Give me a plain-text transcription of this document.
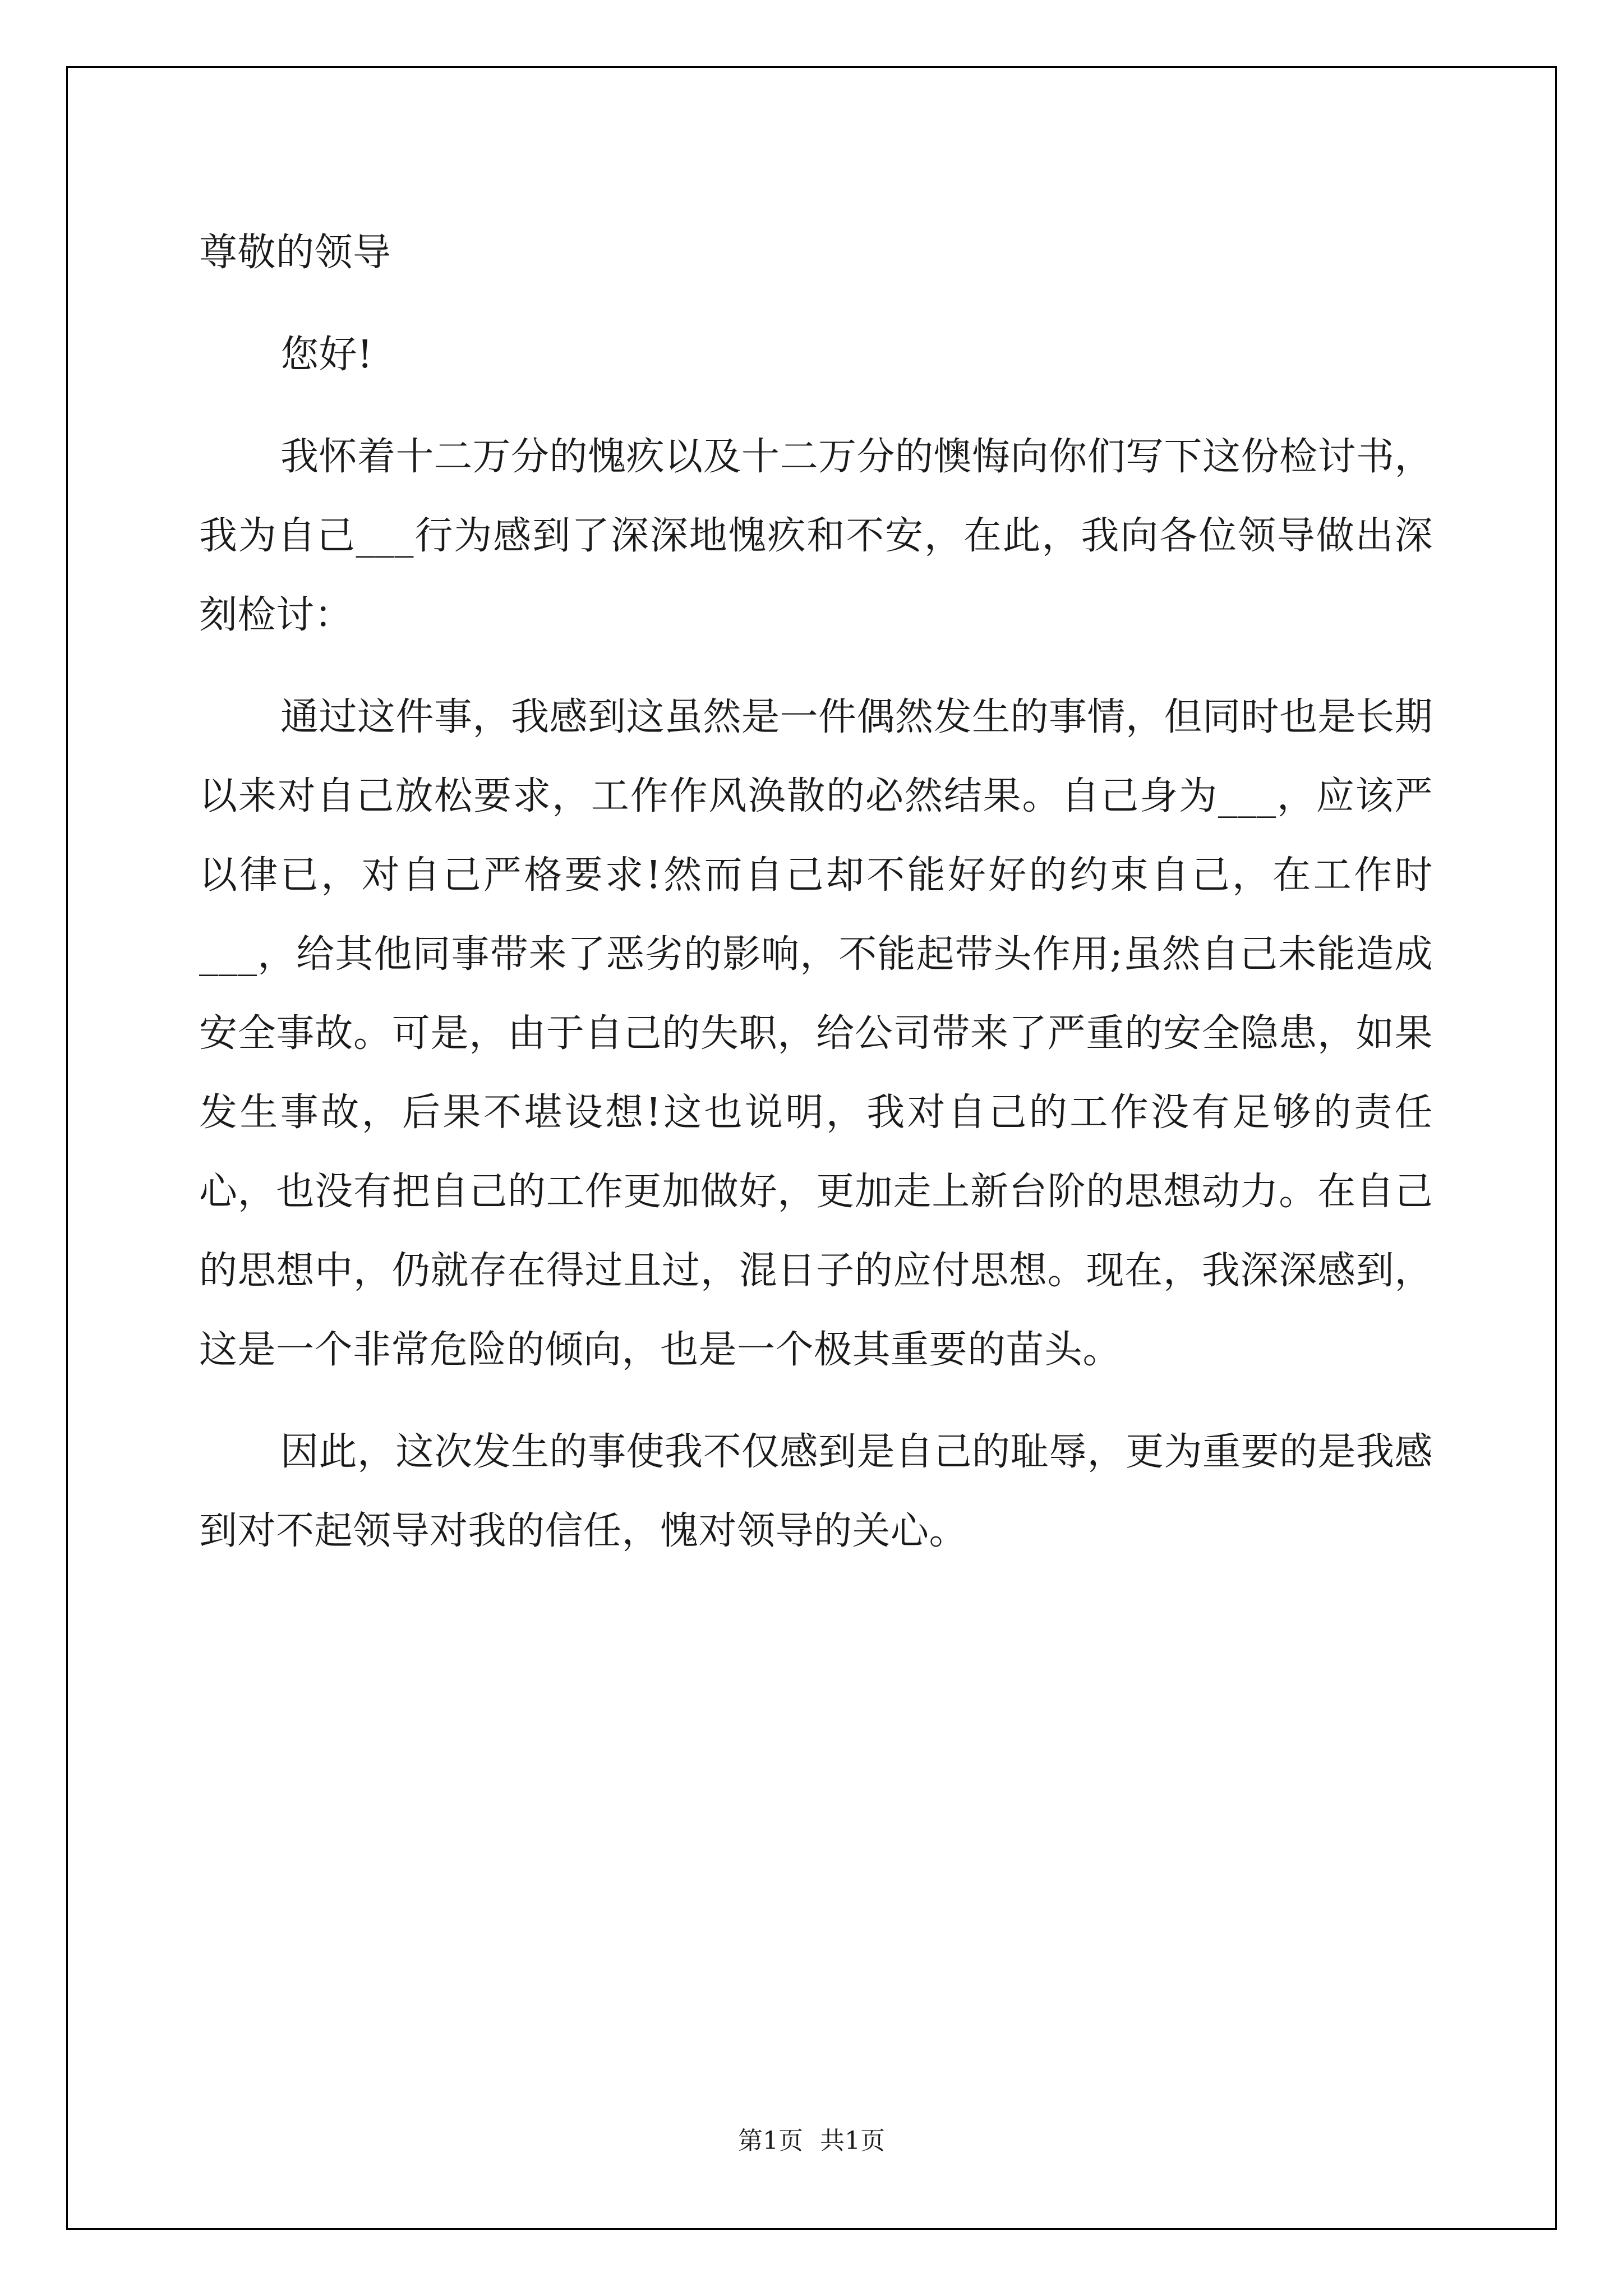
尊敬的领导

您好!

我怀着十二万分的愧疚以及十二万分的懊悔向你们写下这份检讨书，我为自己___行为感到了深深地愧疚和不安，在此，我向各位领导做出深刻检讨：

通过这件事，我感到这虽然是一件偶然发生的事情，但同时也是长期以来对自己放松要求，工作作风涣散的必然结果。自己身为___，应该严以律已，对自己严格要求!然而自己却不能好好的约束自己，在工作时___，给其他同事带来了恶劣的影响，不能起带头作用;虽然自己未能造成安全事故。可是，由于自己的失职，给公司带来了严重的安全隐患，如果发生事故，后果不堪设想!这也说明，我对自己的工作没有足够的责任心，也没有把自己的工作更加做好，更加走上新台阶的思想动力。在自己的思想中，仍就存在得过且过，混日子的应付思想。现在，我深深感到，这是一个非常危险的倾向，也是一个极其重要的苗头。

因此，这次发生的事使我不仅感到是自己的耻辱，更为重要的是我感到对不起领导对我的信任，愧对领导的关心。

第1页 共1页
